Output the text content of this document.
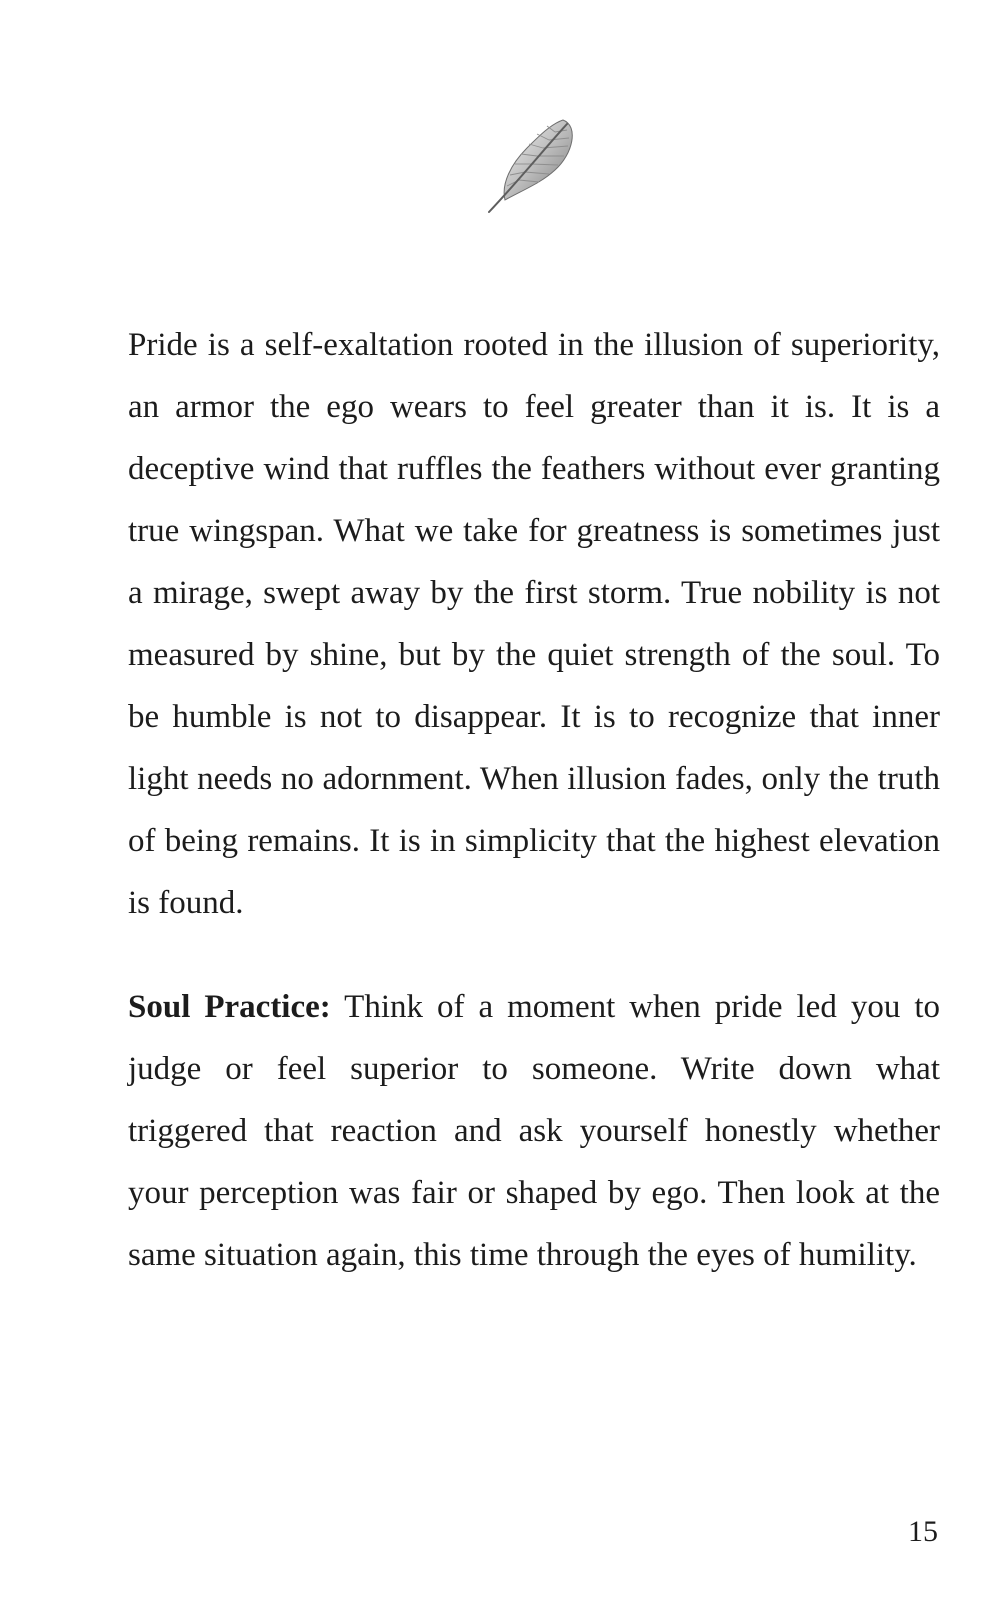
Pride is a self-exaltation rooted in the illusion of superiority, an armor the ego wears to feel greater than it is. It is a deceptive wind that ruffles the feathers without ever granting true wingspan. What we take for greatness is sometimes just a mirage, swept away by the first storm. True nobility is not measured by shine, but by the quiet strength of the soul. To be humble is not to disappear. It is to recognize that inner light needs no adornment. When illusion fades, only the truth of being remains. It is in simplicity that the highest elevation is found.

Soul Practice: Think of a moment when pride led you to judge or feel superior to someone. Write down what triggered that reaction and ask yourself honestly whether your perception was fair or shaped by ego. Then look at the same situation again, this time through the eyes of humility.

15
